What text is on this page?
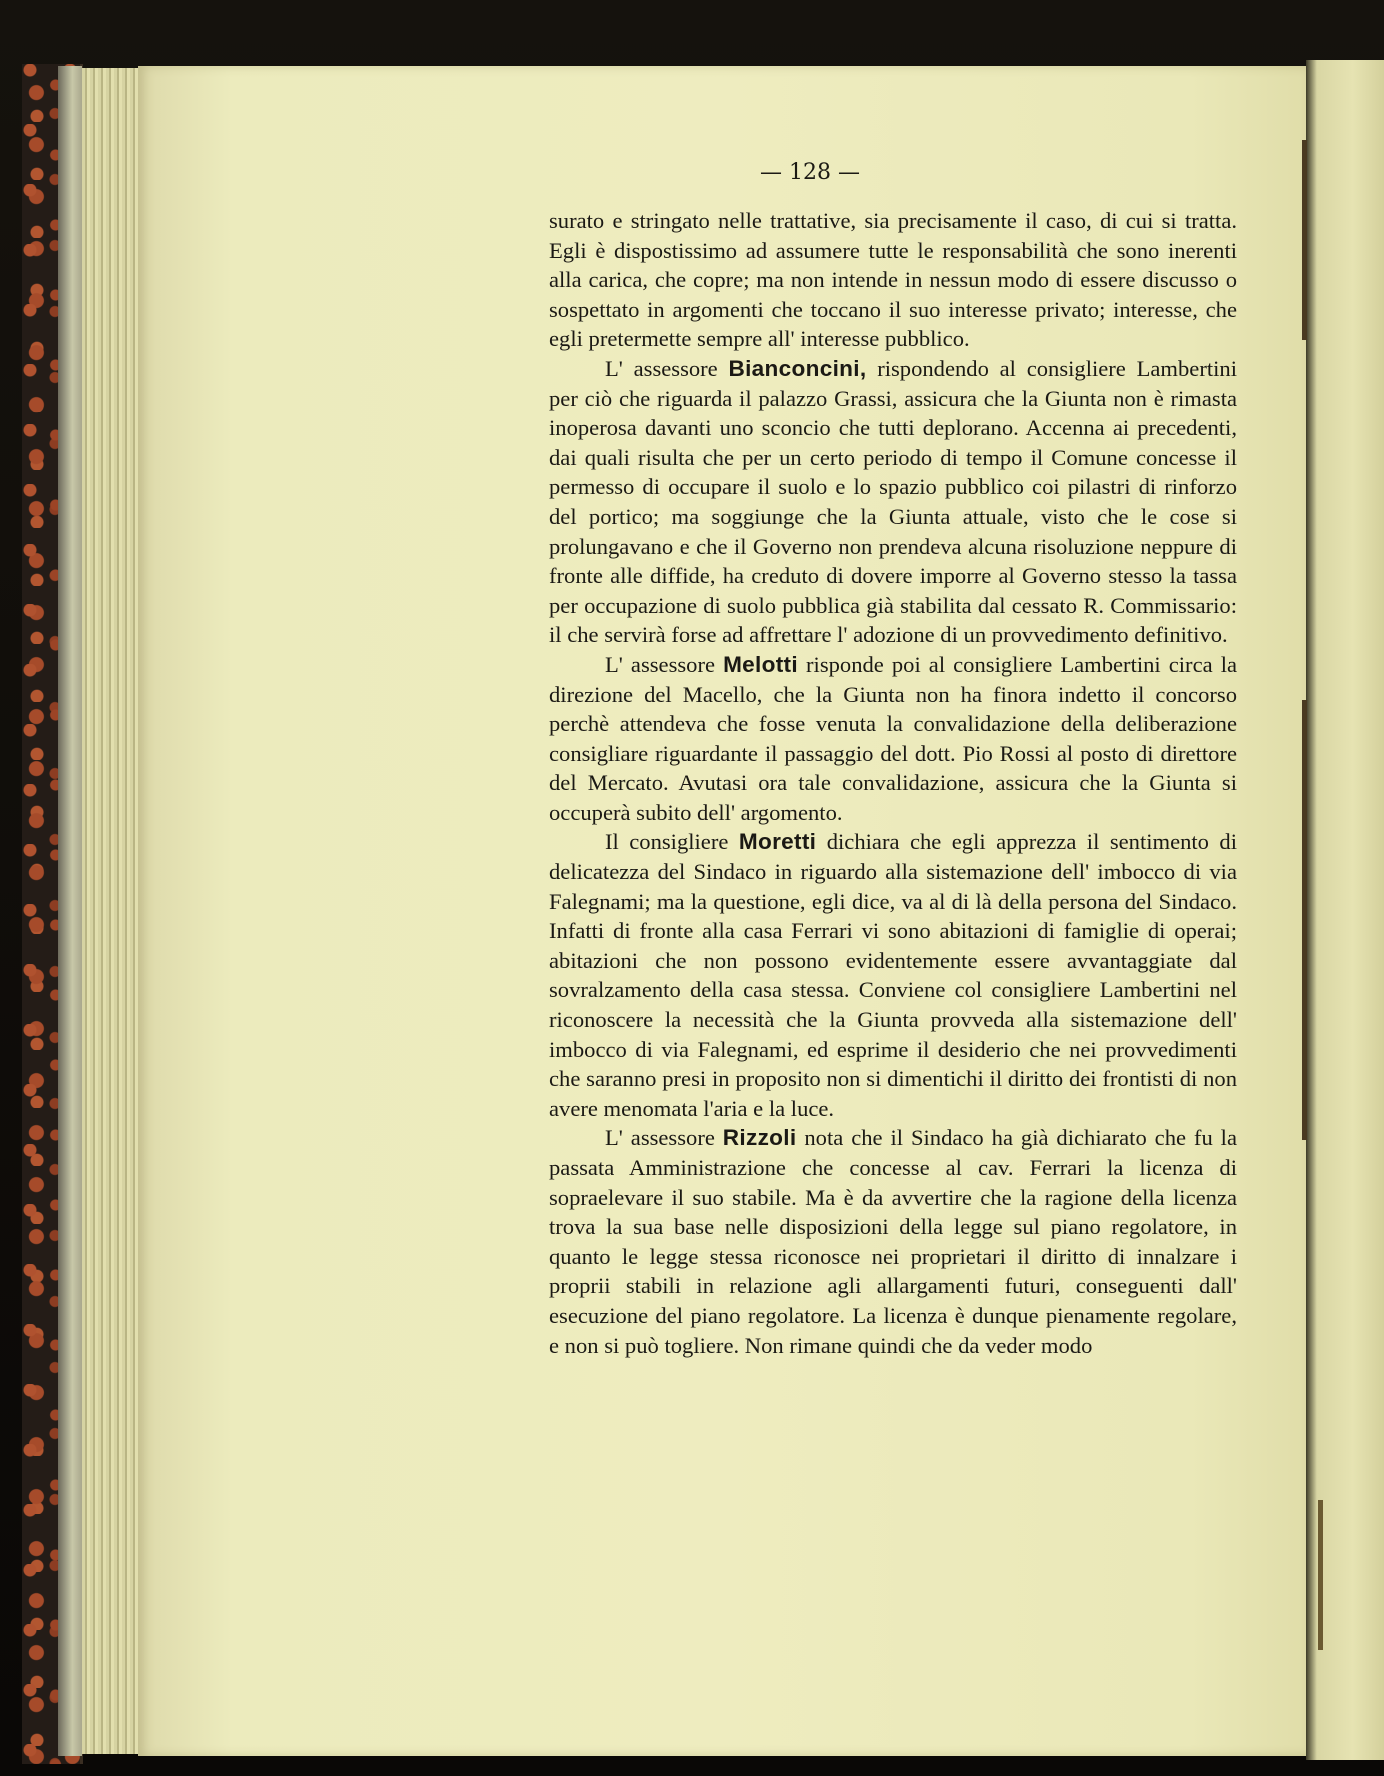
— 128 —

surato e stringato nelle trattative, sia precisamente il caso, di cui si tratta. Egli è dispostissimo ad assumere tutte le responsabilità che sono inerenti alla carica, che copre; ma non intende in nessun modo di essere discusso o sospettato in argomenti che toccano il suo interesse privato; interesse, che egli pretermette sempre all' interesse pubblico.

L' assessore Bianconcini, rispondendo al consigliere Lambertini per ciò che riguarda il palazzo Grassi, assicura che la Giunta non è rimasta inoperosa davanti uno sconcio che tutti deplorano. Accenna ai precedenti, dai quali risulta che per un certo periodo di tempo il Comune concesse il permesso di occupare il suolo e lo spazio pubblico coi pilastri di rinforzo del portico; ma soggiunge che la Giunta attuale, visto che le cose si prolungavano e che il Governo non prendeva alcuna risoluzione neppure di fronte alle diffide, ha creduto di dovere imporre al Governo stesso la tassa per occupazione di suolo pubblica già stabilita dal cessato R. Commissario: il che servirà forse ad affrettare l' adozione di un provvedimento definitivo.

L' assessore Melotti risponde poi al consigliere Lambertini circa la direzione del Macello, che la Giunta non ha finora indetto il concorso perchè attendeva che fosse venuta la convalidazione della deliberazione consigliare riguardante il passaggio del dott. Pio Rossi al posto di direttore del Mercato. Avutasi ora tale convalidazione, assicura che la Giunta si occuperà subito dell' argomento.

Il consigliere Moretti dichiara che egli apprezza il sentimento di delicatezza del Sindaco in riguardo alla sistemazione dell' imbocco di via Falegnami; ma la questione, egli dice, va al di là della persona del Sindaco. Infatti di fronte alla casa Ferrari vi sono abitazioni di famiglie di operai; abitazioni che non possono evidentemente essere avvantaggiate dal sovralzamento della casa stessa. Conviene col consigliere Lambertini nel riconoscere la necessità che la Giunta provveda alla sistemazione dell' imbocco di via Falegnami, ed esprime il desiderio che nei provvedimenti che saranno presi in proposito non si dimentichi il diritto dei frontisti di non avere menomata l'aria e la luce.

L' assessore Rizzoli nota che il Sindaco ha già dichiarato che fu la passata Amministrazione che concesse al cav. Ferrari la licenza di sopraelevare il suo stabile. Ma è da avvertire che la ragione della licenza trova la sua base nelle disposizioni della legge sul piano regolatore, in quanto le legge stessa riconosce nei proprietari il diritto di innalzare i proprii stabili in relazione agli allargamenti futuri, conseguenti dall' esecuzione del piano regolatore. La licenza è dunque pienamente regolare, e non si può togliere. Non rimane quindi che da veder modo
